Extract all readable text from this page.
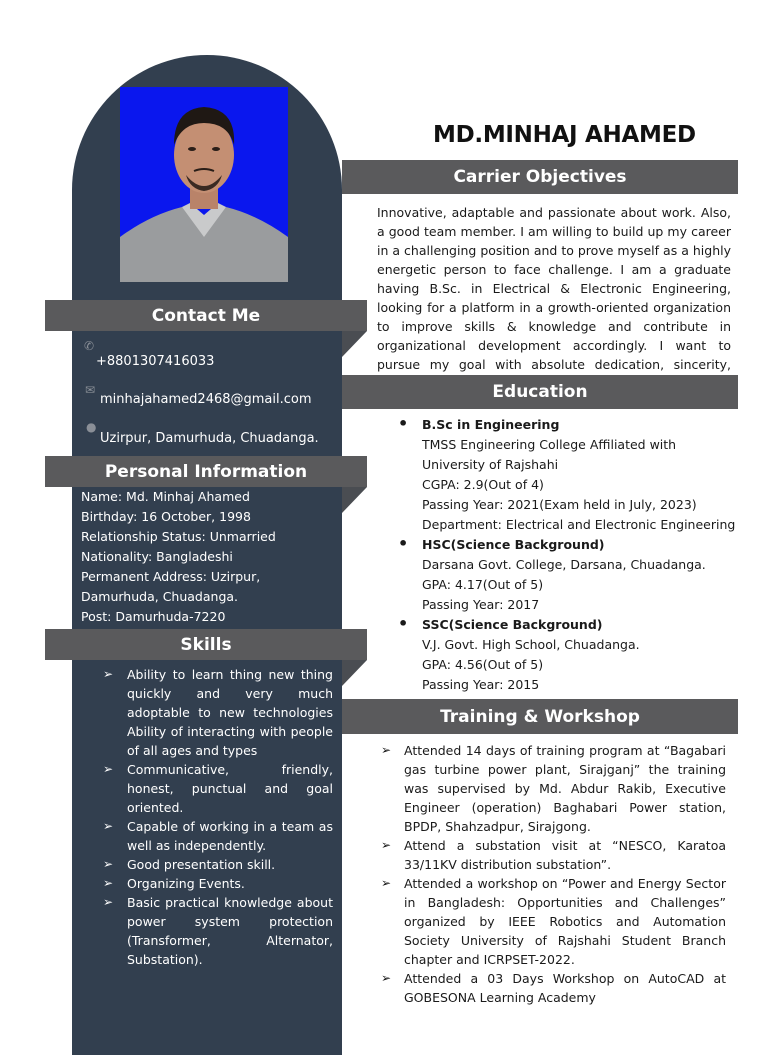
MD.MINHAJ AHAMED
Carrier Objectives
Innovative, adaptable and passionate about work. Also, a good team member. I am willing to build up my career in a challenging position and to prove myself as a highly energetic person to face challenge. I am a graduate having B.Sc. in Electrical & Electronic Engineering, looking for a platform in a growth-oriented organization to improve skills & knowledge and contribute in organizational development accordingly. I want to pursue my goal with absolute dedication, sincerity,
Education
• B.Sc in Engineering
TMSS Engineering College Affiliated with
University of Rajshahi
CGPA: 2.9(Out of 4)
Passing Year: 2021(Exam held in July, 2023)
Department: Electrical and Electronic Engineering
• HSC(Science Background)
Darsana Govt. College, Darsana, Chuadanga.
GPA: 4.17(Out of 5)
Passing Year: 2017
• SSC(Science Background)
V.J. Govt. High School, Chuadanga.
GPA: 4.56(Out of 5)
Passing Year: 2015
Training & Workshop
➢ Attended 14 days of training program at “Bagabari gas turbine power plant, Sirajganj” the training was supervised by Md. Abdur Rakib, Executive Engineer (operation) Baghabari Power station, BPDP, Shahzadpur, Sirajgong.
➢ Attend a substation visit at “NESCO, Karatoa 33/11KV distribution substation”.
➢ Attended a workshop on “Power and Energy Sector in Bangladesh: Opportunities and Challenges” organized by IEEE Robotics and Automation Society University of Rajshahi Student Branch chapter and ICRPSET-2022.
➢ Attended a 03 Days Workshop on AutoCAD at GOBESONA Learning Academy
Contact Me
✆
+8801307416033
✉
minhajahamed2468@gmail.com
●
Uzirpur, Damurhuda, Chuadanga.
Personal Information
Name: Md. Minhaj Ahamed
Birthday: 16 October, 1998
Relationship Status: Unmarried
Nationality: Bangladeshi
Permanent Address: Uzirpur,
Damurhuda, Chuadanga.
Post: Damurhuda-7220
Skills
➢ Ability to learn thing new thing quickly and very much adoptable to new technologies Ability of interacting with people of all ages and types
➢ Communicative, friendly, honest, punctual and goal oriented.
➢ Capable of working in a team as well as independently.
➢ Good presentation skill.
➢ Organizing Events.
➢ Basic practical knowledge about power system protection (Transformer, Alternator, Substation).
